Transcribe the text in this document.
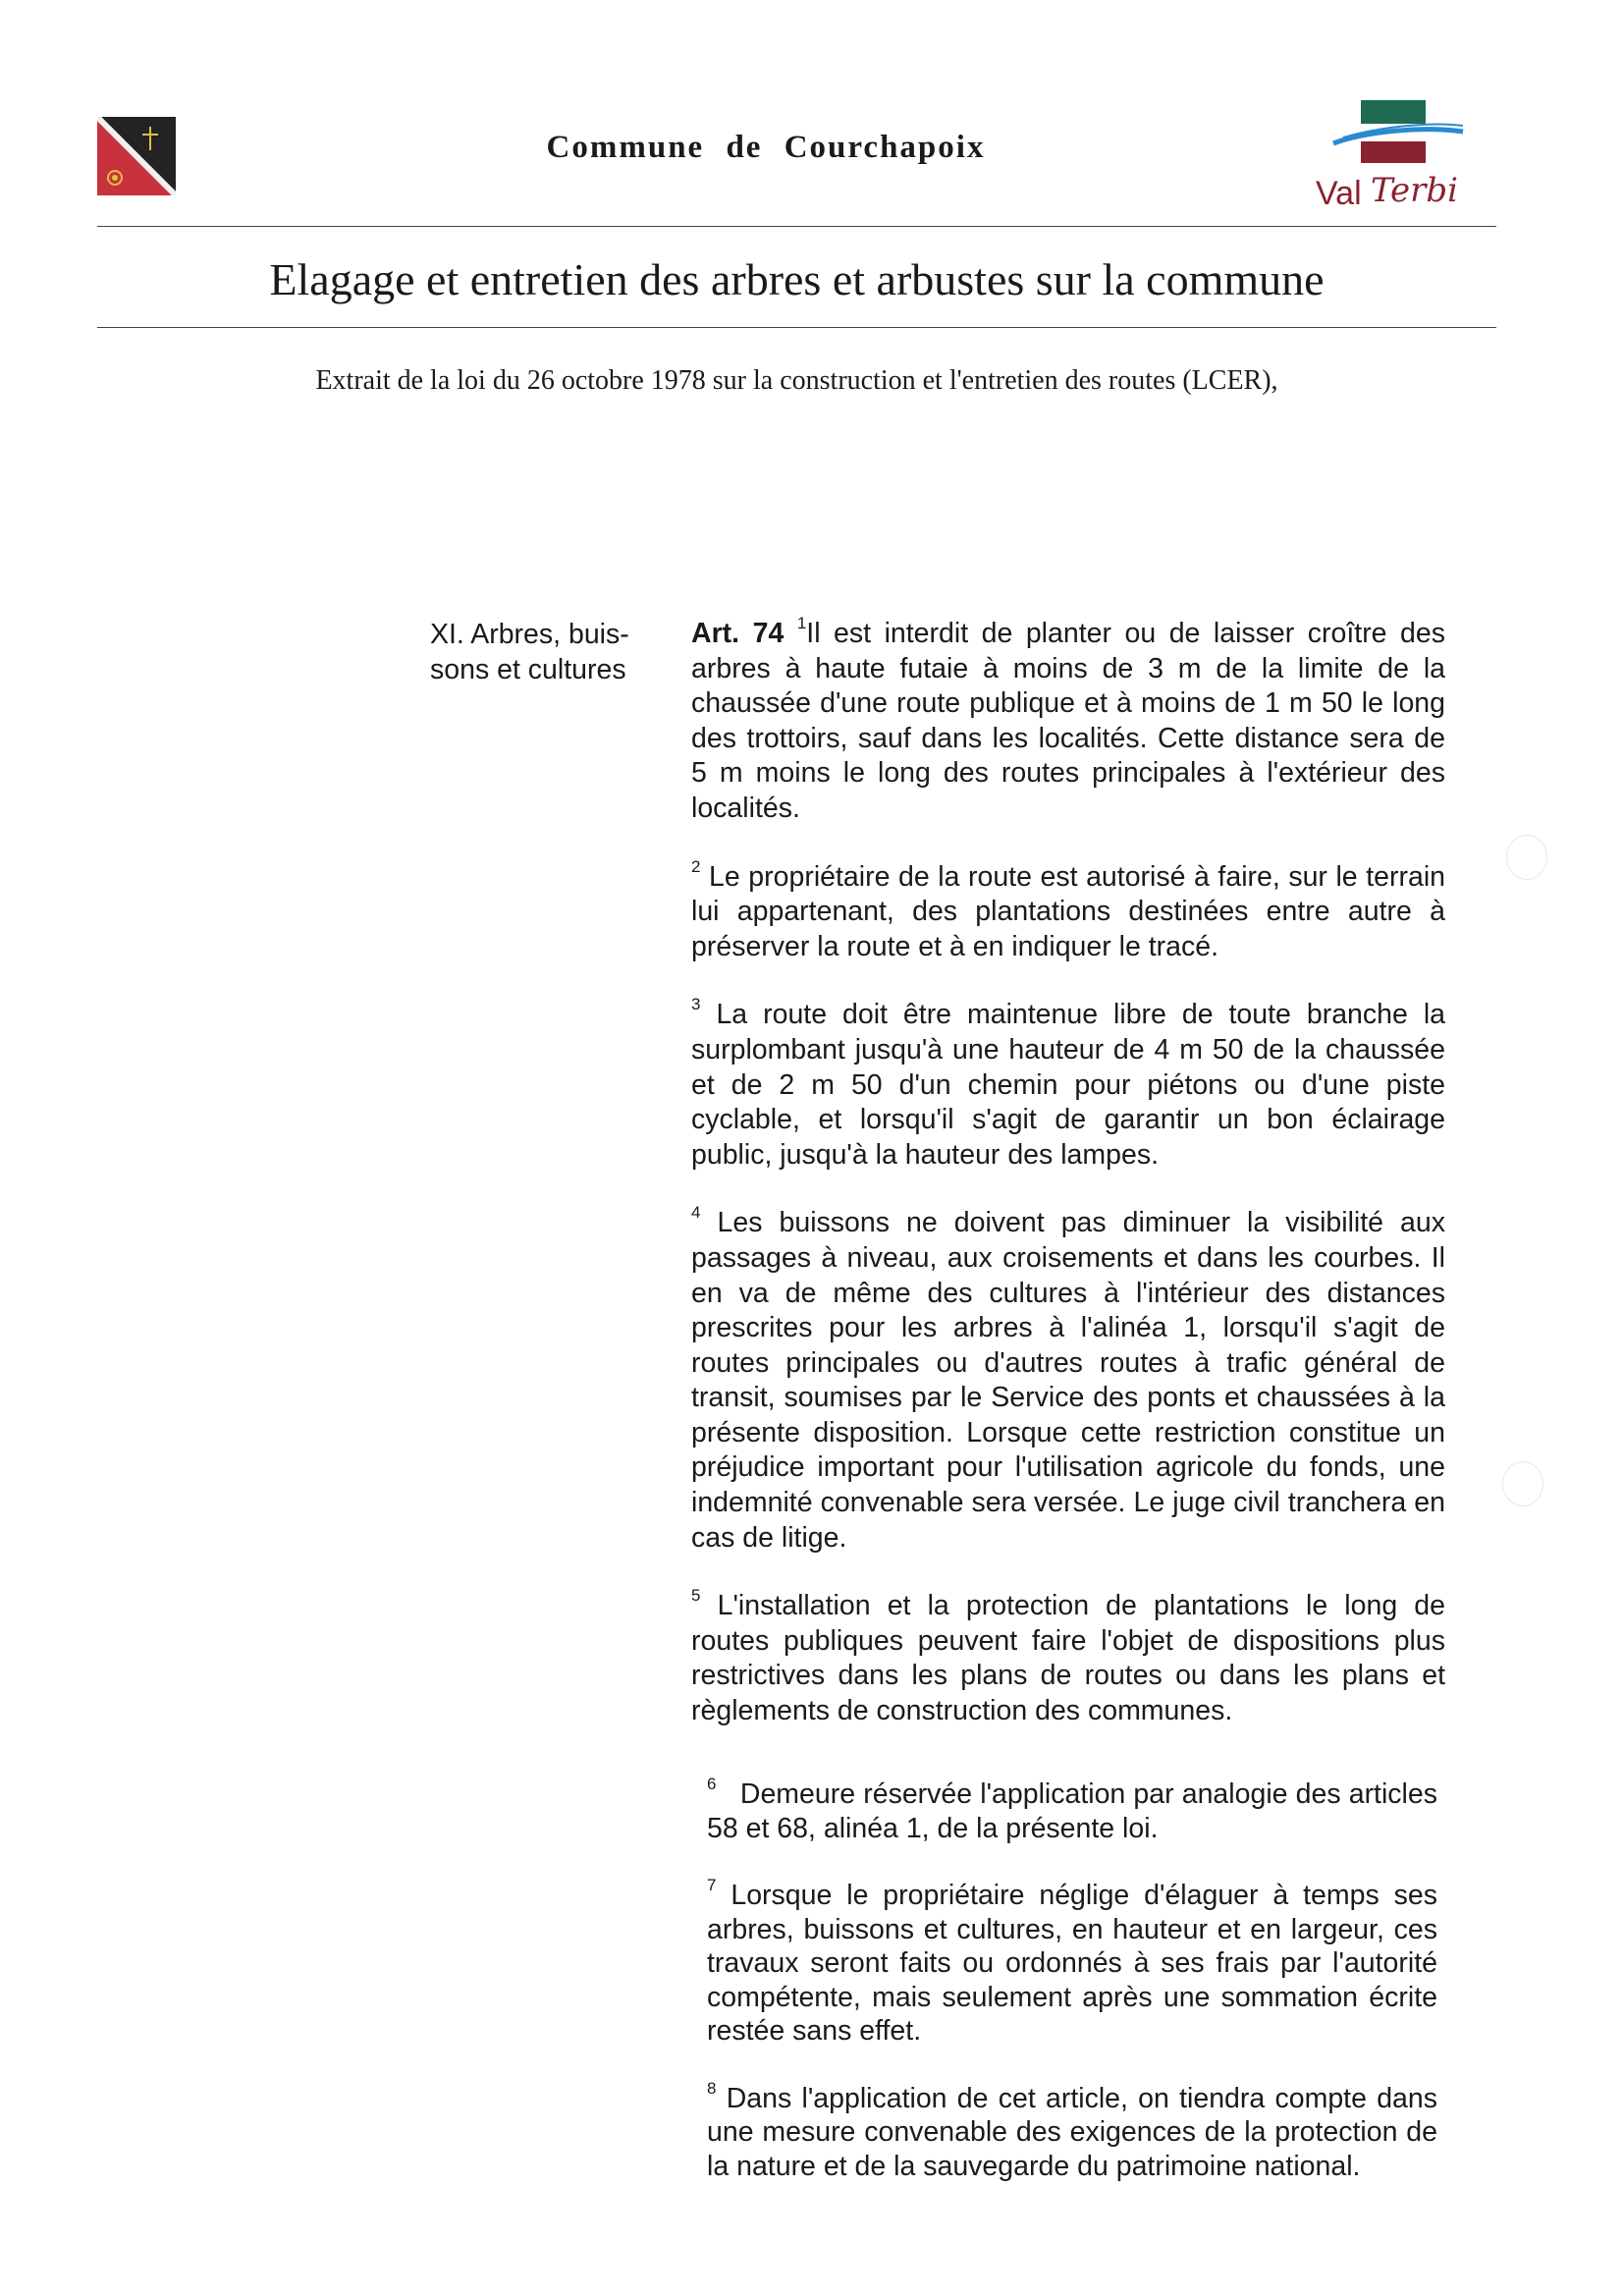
Commune de Courchapoix
Val Terbi
Elagage et entretien des arbres et arbustes sur la commune
Extrait de la loi du 26 octobre 1978 sur la construction et l'entretien des routes (LCER),
XI. Arbres, buis-sons et cultures

Art. 74 $^1$Il est interdit de planter ou de laisser croître des arbres à haute futaie à moins de 3 m de la limite de la chaussée d'une route publique et à moins de 1 m 50 le long des trottoirs, sauf dans les localités. Cette distance sera de 5 m moins le long des routes principales à l'extérieur des localités.

$^2$ Le propriétaire de la route est autorisé à faire, sur le terrain lui appartenant, des plantations destinées entre autre à préserver la route et à en indiquer le tracé.

$^3$ La route doit être maintenue libre de toute branche la surplombant jusqu'à une hauteur de 4 m 50 de la chaussée et de 2 m 50 d'un chemin pour piétons ou d'une piste cyclable, et lorsqu'il s'agit de garantir un bon éclairage public, jusqu'à la hauteur des lampes.

$^4$ Les buissons ne doivent pas diminuer la visibilité aux passages à niveau, aux croisements et dans les courbes. Il en va de même des cultures à l'intérieur des distances prescrites pour les arbres à l'alinéa 1, lorsqu'il s'agit de routes principales ou d'autres routes à trafic général de transit, soumises par le Service des ponts et chaussées à la présente disposition. Lorsque cette restriction constitue un préjudice important pour l'utilisation agricole du fonds, une indemnité convenable sera versée. Le juge civil tranchera en cas de litige.

$^5$ L'installation et la protection de plantations le long de routes publiques peuvent faire l'objet de dispositions plus restrictives dans les plans de routes ou dans les plans et règlements de construction des communes.

$^6$ Demeure réservée l'application par analogie des articles 58 et 68, alinéa 1, de la présente loi.

$^7$ Lorsque le propriétaire néglige d'élaguer à temps ses arbres, buissons et cultures, en hauteur et en largeur, ces travaux seront faits ou ordonnés à ses frais par l'autorité compétente, mais seulement après une sommation écrite restée sans effet.

$^8$ Dans l'application de cet article, on tiendra compte dans une mesure convenable des exigences de la protection de la nature et de la sauvegarde du patrimoine national.
